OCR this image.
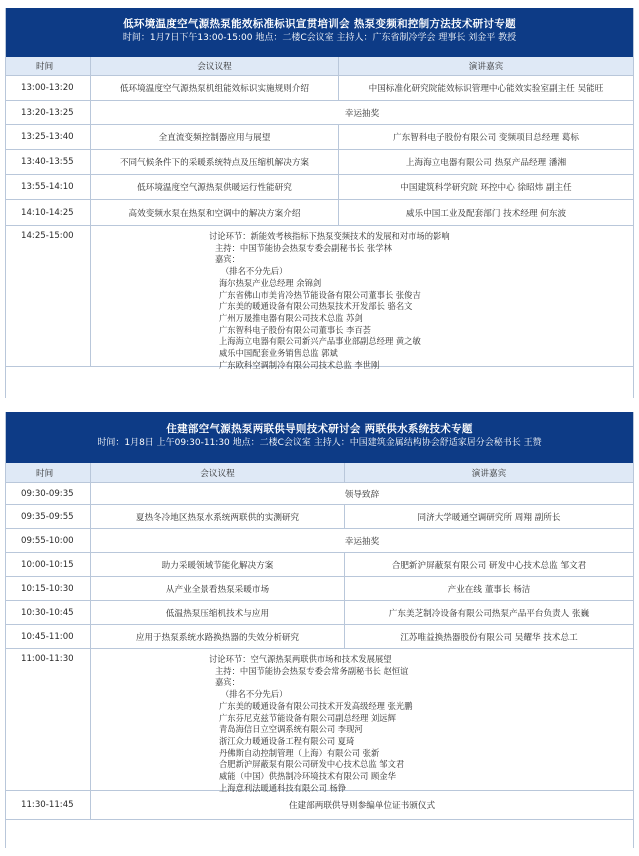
低环境温度空气源热泵能效标准标识宣贯培训会 热泵变频和控制方法技术研讨专题
时间：1月7日下午13:00-15:00 地点：二楼C会议室 主持人：广东省制冷学会 理事长 刘金平 教授
时间	会议议程	演讲嘉宾
13:00-13:20	低环境温度空气源热泵机组能效标识实施规则介绍	中国标准化研究院能效标识管理中心能效实验室副主任 吴能旺
13:20-13:25	幸运抽奖
13:25-13:40	全直流变频控制器应用与展望	广东智科电子股份有限公司 变频项目总经理 葛标
13:40-13:55	不同气候条件下的采暖系统特点及压缩机解决方案	上海海立电器有限公司 热泵产品经理 潘湘
13:55-14:10	低环境温度空气源热泵供暖运行性能研究	中国建筑科学研究院 环控中心 徐昭炜 副主任
14:10-14:25	高效变频水泵在热泵和空调中的解决方案介绍	威乐中国工业及配套部门 技术经理 何东波
14:25-15:00	讨论环节：新能效考核指标下热泵变频技术的发展和对市场的影响
主持：中国节能协会热泵专委会副秘书长 张学林
嘉宾：
（排名不分先后）
海尔热泵产业总经理 余锦剑
广东省佛山市美肯冷热节能设备有限公司董事长 张俊吉
广东美的暖通设备有限公司热泵技术开发部长 骆名文
广州万晟推电器有限公司技术总监 苏剑
广东智科电子股份有限公司董事长 李百荟
上海海立电器有限公司新兴产品事业部副总经理 黄之敏
威乐中国配套业务销售总监 郭斌
广东欧科空调制冷有限公司技术总监 李世刚
住建部空气源热泵两联供导则技术研讨会 两联供水系统技术专题
时间：1月8日 上午09:30-11:30 地点：二楼C会议室 主持人：中国建筑金属结构协会舒适家居分会秘书长 王赞
时间	会议议程	演讲嘉宾
09:30-09:35	领导致辞
09:35-09:55	夏热冬冷地区热泵水系统两联供的实测研究	同济大学暖通空调研究所 周翔 副所长
09:55-10:00	幸运抽奖
10:00-10:15	助力采暖领域节能化解决方案	合肥新沪屏蔽泵有限公司 研发中心技术总监 邹文君
10:15-10:30	从产业全景看热泵采暖市场	产业在线 董事长 杨洁
10:30-10:45	低温热泵压缩机技术与应用	广东美芝制冷设备有限公司热泵产品平台负责人 张巍
10:45-11:00	应用于热泵系统水路换热器的失效分析研究	江苏唯益换热器股份有限公司 吴耀华 技术总工
11:00-11:30	讨论环节：空气源热泵两联供市场和技术发展展望
主持：中国节能协会热泵专委会常务副秘书长 赵恒谊
嘉宾：
（排名不分先后）
广东美的暖通设备有限公司技术开发高级经理 张光鹏
广东芬尼克兹节能设备有限公司副总经理 刘远辉
青岛海信日立空调系统有限公司 李现河
浙江众力暖通设备工程有限公司 夏琦
丹佛斯自动控制管理（上海）有限公司 张新
合肥新沪屏蔽泵有限公司研发中心技术总监 邹文君
威能（中国）供热制冷环境技术有限公司 顾金华
上海意利法暖通科技有限公司 杨铮
11:30-11:45	住建部两联供导则参编单位证书颁仪式
